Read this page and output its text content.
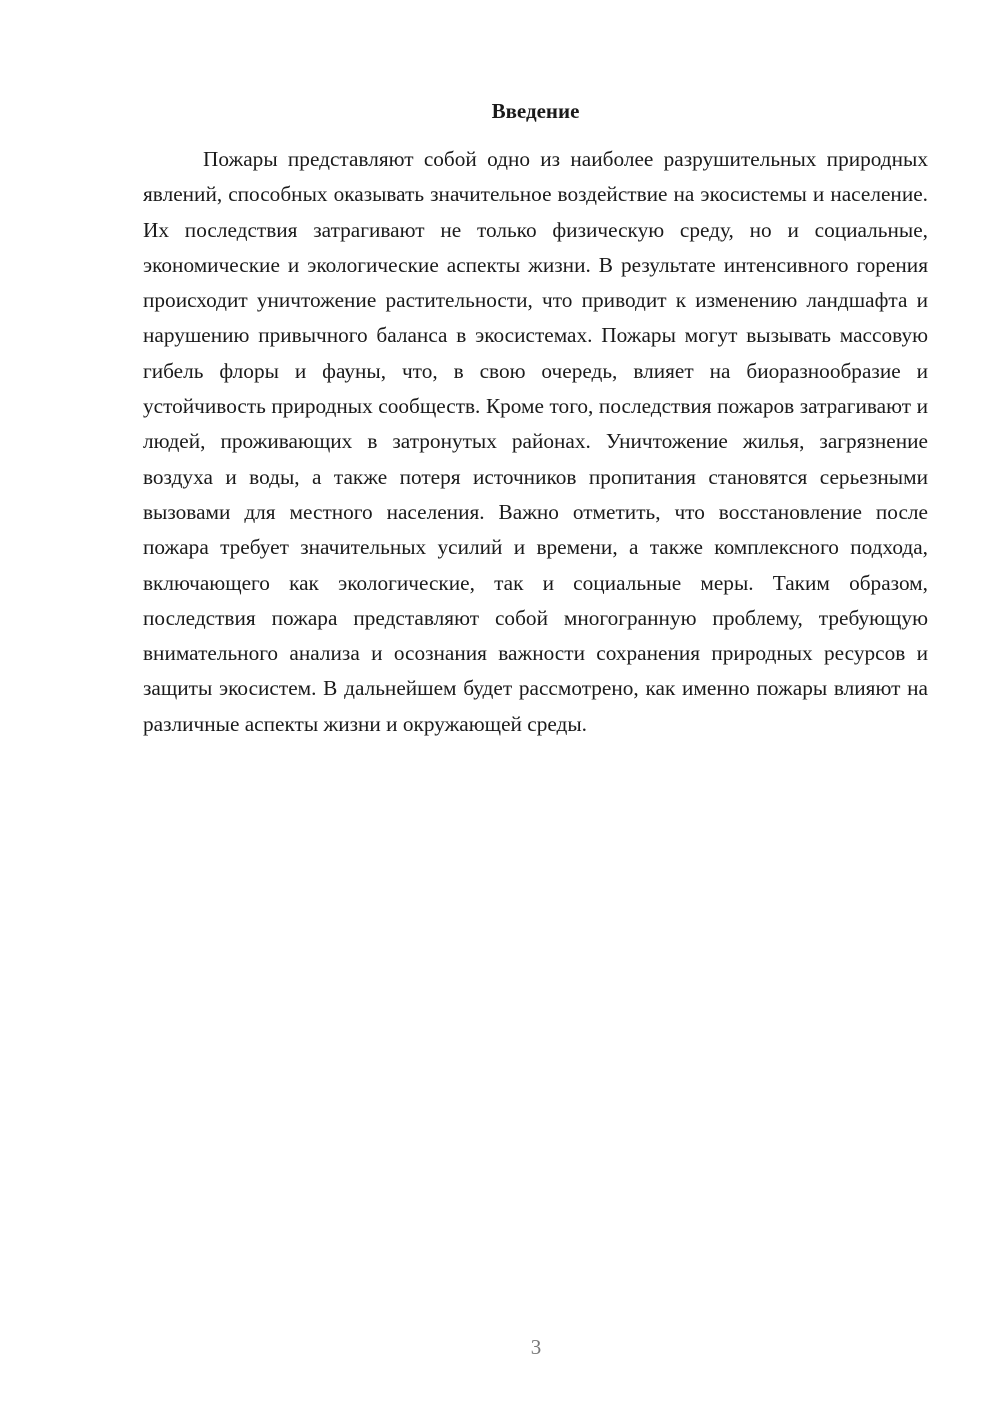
Введение

Пожары представляют собой одно из наиболее разрушительных природных явлений, способных оказывать значительное воздействие на экосистемы и население. Их последствия затрагивают не только физическую среду, но и социальные, экономические и экологические аспекты жизни. В результате интенсивного горения происходит уничтожение растительности, что приводит к изменению ландшафта и нарушению привычного баланса в экосистемах. Пожары могут вызывать массовую гибель флоры и фауны, что, в свою очередь, влияет на биоразнообразие и устойчивость природных сообществ. Кроме того, последствия пожаров затрагивают и людей, проживающих в затронутых районах. Уничтожение жилья, загрязнение воздуха и воды, а также потеря источников пропитания становятся серьезными вызовами для местного населения. Важно отметить, что восстановление после пожара требует значительных усилий и времени, а также комплексного подхода, включающего как экологические, так и социальные меры. Таким образом, последствия пожара представляют собой многогранную проблему, требующую внимательного анализа и осознания важности сохранения природных ресурсов и защиты экосистем. В дальнейшем будет рассмотрено, как именно пожары влияют на различные аспекты жизни и окружающей среды.

3
